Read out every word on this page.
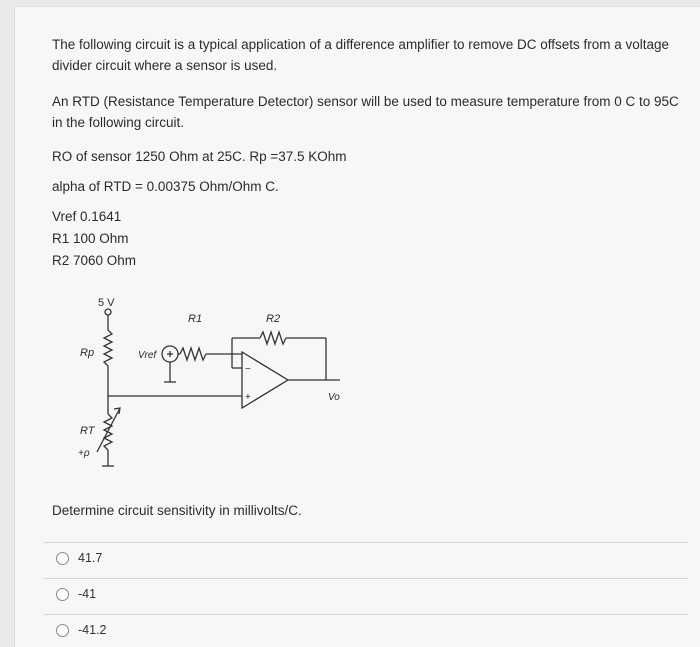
The following circuit is a typical application of a difference amplifier to remove DC offsets from a voltage divider circuit where a sensor is used.
An RTD (Resistance Temperature Detector) sensor will be used to measure temperature from 0 C to 95C in the following circuit.
RO of sensor 1250 Ohm at 25C. Rp =37.5 KOhm
alpha of RTD = 0.00375 Ohm/Ohm C.
Vref 0.1641
R1 100 Ohm
R2 7060 Ohm
5 V
Rp
RT
+ρ
Vref
R1	R2
−
+	Vo
Determine circuit sensitivity in millivolts/C.
41.7
-41
-41.2
